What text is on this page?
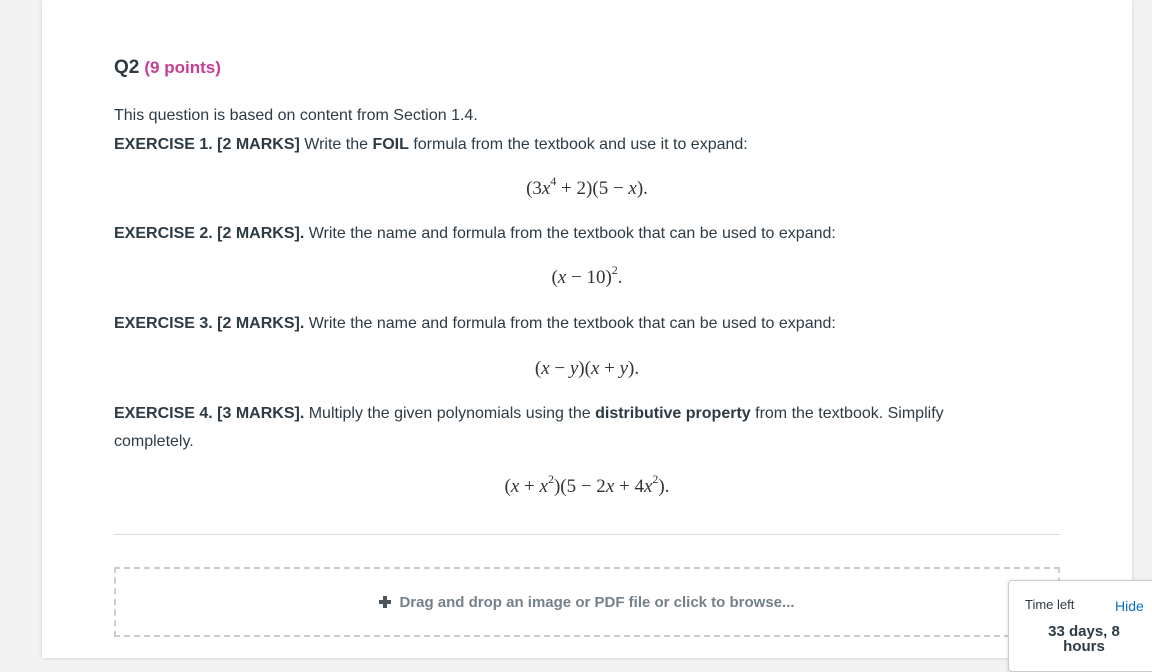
Q2 (9 points)
This question is based on content from Section 1.4.
EXERCISE 1. [2 MARKS] Write the FOIL formula from the textbook and use it to expand:
$(3x^4 + 2)(5 - x)$.
EXERCISE 2. [2 MARKS]. Write the name and formula from the textbook that can be used to expand:
$(x - 10)^2$.
EXERCISE 3. [2 MARKS]. Write the name and formula from the textbook that can be used to expand:
(x − y)(x + y).
EXERCISE 4. [3 MARKS]. Multiply the given polynomials using the distributive property from the textbook. Simplify
completely.
$(x + x^2)(5 - 2x + 4x^2)$.
Drag and drop an image or PDF file or click to browse...	Time left	Hide
33 days, 8 hours
